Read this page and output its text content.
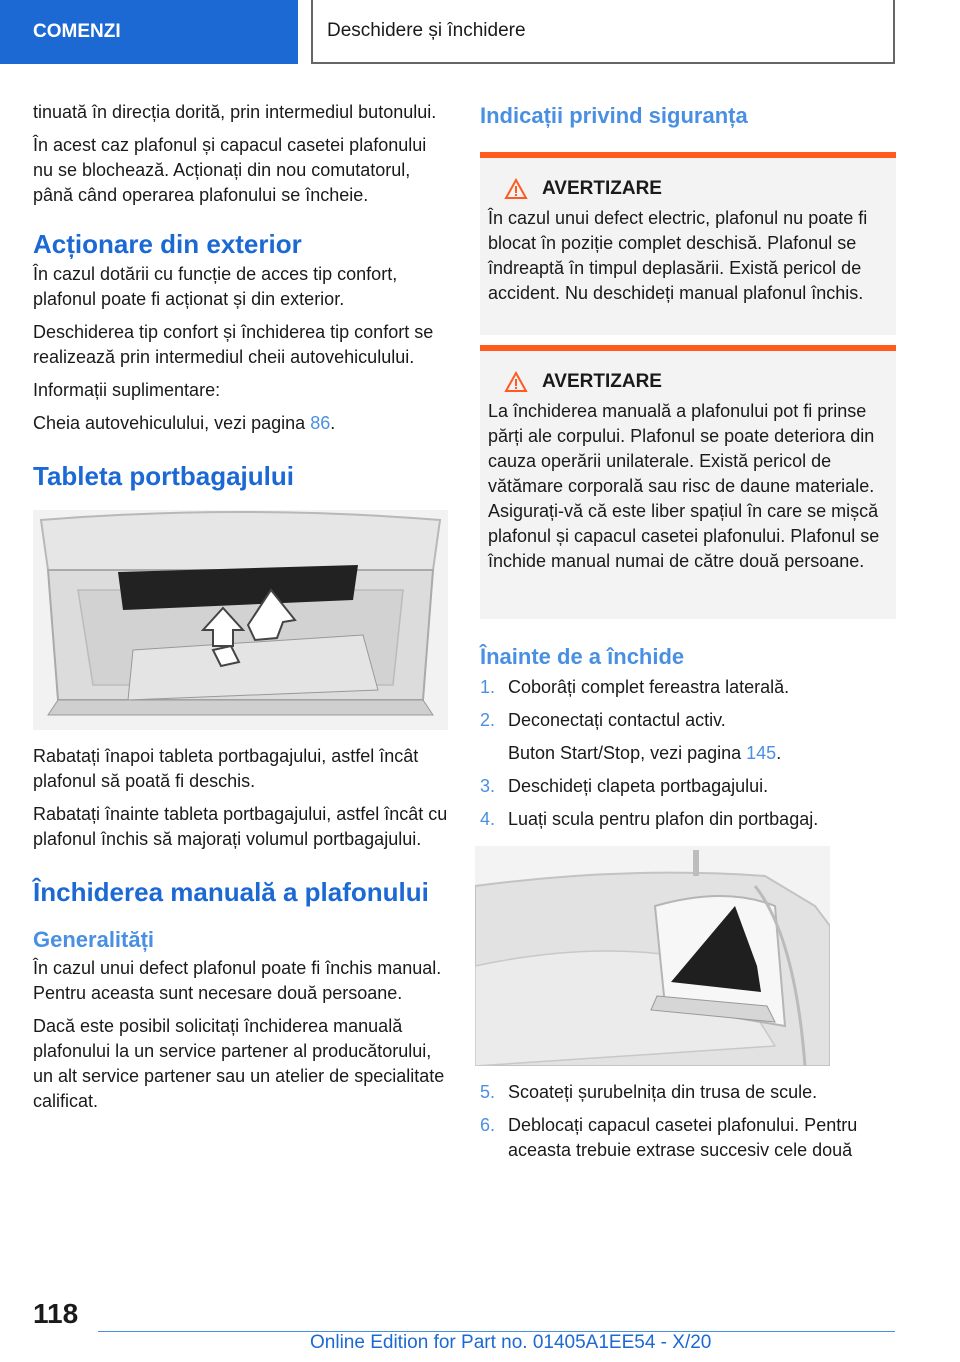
COMENZI	Deschidere și închidere

tinuată în direcția dorită, prin intermediul butonului.

În acest caz plafonul și capacul casetei plafonului nu se blochează. Acționați din nou comutatorul, până când operarea plafonului se încheie.

Acționare din exterior

În cazul dotării cu funcție de acces tip confort, plafonul poate fi acționat și din exterior.

Deschiderea tip confort și închiderea tip confort se realizează prin intermediul cheii autovehiculului.

Informații suplimentare:

Cheia autovehiculului, vezi pagina 86.

Tableta portbagajului

Rabatați înapoi tableta portbagajului, astfel încât plafonul să poată fi deschis.

Rabatați înainte tableta portbagajului, astfel încât cu plafonul închis să majorați volumul portbagajului.

Închiderea manuală a plafonului
Generalități

În cazul unui defect plafonul poate fi închis manual. Pentru aceasta sunt necesare două persoane.

Dacă este posibil solicitați închiderea manuală plafonului la un service partener al producătorului, un alt service partener sau un atelier de specialitate calificat.

Indicații privind siguranța
AVERTIZARE

În cazul unui defect electric, plafonul nu poate fi blocat în poziție complet deschisă. Plafonul se îndreaptă în timpul deplasării. Există pericol de accident. Nu deschideți manual plafonul închis.

AVERTIZARE

La închiderea manuală a plafonului pot fi prinse părți ale corpului. Plafonul se poate deteriora din cauza operării unilaterale. Există pericol de vătămare corporală sau risc de daune materiale. Asigurați-vă că este liber spațiul în care se mișcă plafonul și capacul casetei plafonului. Plafonul se închide manual numai de către două persoane.

Înainte de a închide
1. Coborâți complet fereastra laterală.
2. Deconectați contactul activ.
Buton Start/Stop, vezi pagina 145.
3. Deschideți clapeta portbagajului.
4. Luați scula pentru plafon din portbagaj.
5. Scoateți șurubelnița din trusa de scule.
6. Deblocați capacul casetei plafonului. Pentru aceasta trebuie extrase succesiv cele două
118
Online Edition for Part no. 01405A1EE54 - X/20
